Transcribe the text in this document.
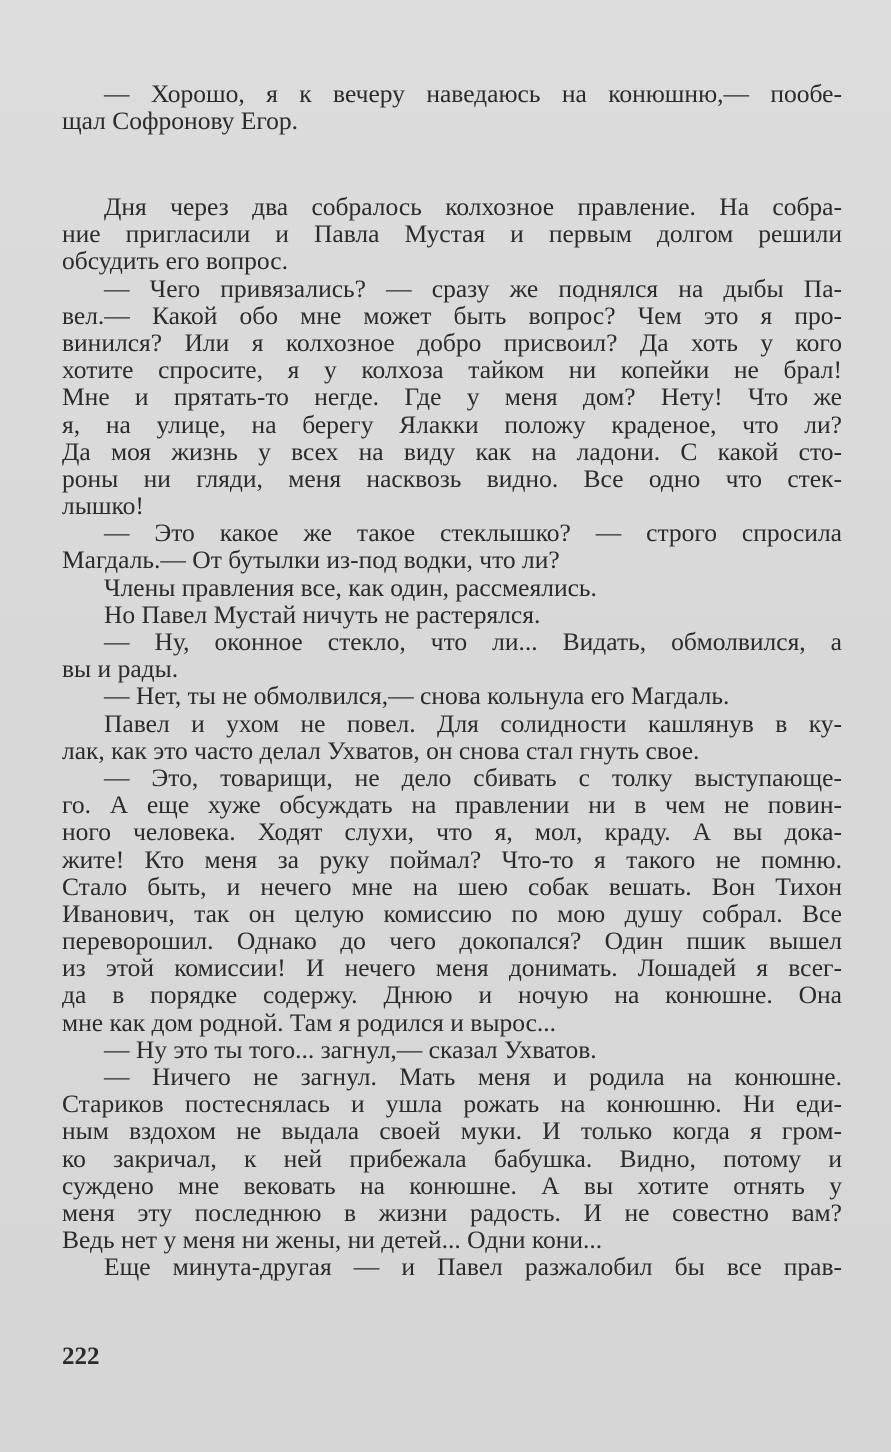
— Хорошо, я к вечеру наведаюсь на конюшню,— пообе-
щал Софронову Егор.
Дня через два собралось колхозное правление. На собра-
ние пригласили и Павла Мустая и первым долгом решили
обсудить его вопрос.
— Чего привязались? — сразу же поднялся на дыбы Па-
вел.— Какой обо мне может быть вопрос? Чем это я про-
винился? Или я колхозное добро присвоил? Да хоть у кого
хотите спросите, я у колхоза тайком ни копейки не брал!
Мне и прятать-то негде. Где у меня дом? Нету! Что же
я, на улице, на берегу Ялакки положу краденое, что ли?
Да моя жизнь у всех на виду как на ладони. С какой сто-
роны ни гляди, меня насквозь видно. Все одно что стек-
лышко!
— Это какое же такое стеклышко? — строго спросила
Магдаль.— От бутылки из-под водки, что ли?
Члены правления все, как один, рассмеялись.
Но Павел Мустай ничуть не растерялся.
— Ну, оконное стекло, что ли... Видать, обмолвился, а
вы и рады.
— Нет, ты не обмолвился,— снова кольнула его Магдаль.
Павел и ухом не повел. Для солидности кашлянув в ку-
лак, как это часто делал Ухватов, он снова стал гнуть свое.
— Это, товарищи, не дело сбивать с толку выступающе-
го. А еще хуже обсуждать на правлении ни в чем не повин-
ного человека. Ходят слухи, что я, мол, краду. А вы дока-
жите! Кто меня за руку поймал? Что-то я такого не помню.
Стало быть, и нечего мне на шею собак вешать. Вон Тихон
Иванович, так он целую комиссию по мою душу собрал. Все
переворошил. Однако до чего докопался? Один пшик вышел
из этой комиссии! И нечего меня донимать. Лошадей я всег-
да в порядке содержу. Днюю и ночую на конюшне. Она
мне как дом родной. Там я родился и вырос...
— Ну это ты того... загнул,— сказал Ухватов.
— Ничего не загнул. Мать меня и родила на конюшне.
Стариков постеснялась и ушла рожать на конюшню. Ни еди-
ным вздохом не выдала своей муки. И только когда я гром-
ко закричал, к ней прибежала бабушка. Видно, потому и
суждено мне вековать на конюшне. А вы хотите отнять у
меня эту последнюю в жизни радость. И не совестно вам?
Ведь нет у меня ни жены, ни детей... Одни кони...
Еще минута-другая — и Павел разжалобил бы все прав-
222
